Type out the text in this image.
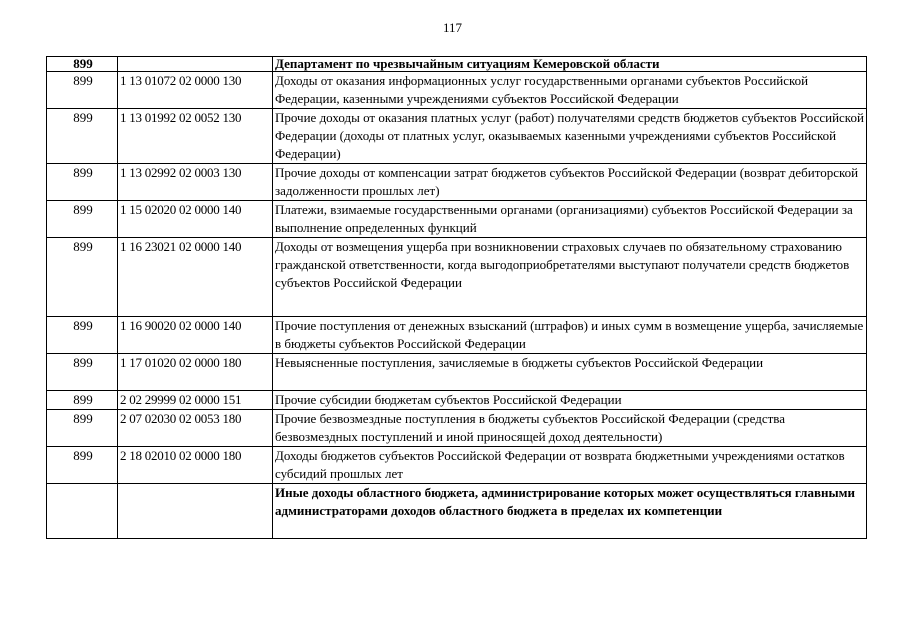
117
899		Департамент по чрезвычайным ситуациям Кемеровской области
899	1 13 01072 02 0000 130	Доходы от оказания информационных услуг государственными органами субъектов Российской Федерации, казенными учреждениями субъектов Российской Федерации
899	1 13 01992 02 0052 130	Прочие доходы от оказания платных услуг (работ) получателями средств бюджетов субъектов Российской Федерации (доходы от платных услуг, оказываемых казенными учреждениями субъектов Российской Федерации)
899	1 13 02992 02 0003 130	Прочие доходы от компенсации затрат бюджетов субъектов Российской Федерации (возврат дебиторской задолженности прошлых лет)
899	1 15 02020 02 0000 140	Платежи, взимаемые государственными органами (организациями) субъектов Российской Федерации за выполнение определенных функций
899	1 16 23021 02 0000 140	Доходы от возмещения ущерба при возникновении страховых случаев по обязательному страхованию гражданской ответственности, когда выгодоприобретателями выступают получатели средств бюджетов субъектов Российской Федерации
899	1 16 90020 02 0000 140	Прочие поступления от денежных взысканий (штрафов) и иных сумм в возмещение ущерба, зачисляемые в бюджеты субъектов Российской Федерации
899	1 17 01020 02 0000 180	Невыясненные поступления, зачисляемые в бюджеты субъектов Российской Федерации
899	2 02 29999 02 0000 151	Прочие субсидии бюджетам субъектов Российской Федерации
899	2 07 02030 02 0053 180	Прочие безвозмездные поступления в бюджеты субъектов Российской Федерации (средства безвозмездных поступлений и иной приносящей доход деятельности)
899	2 18 02010 02 0000 180	Доходы бюджетов субъектов Российской Федерации от возврата бюджетными учреждениями остатков субсидий прошлых лет
		Иные доходы областного бюджета, администрирование которых может осуществляться главными администраторами доходов областного бюджета в пределах их компетенции
